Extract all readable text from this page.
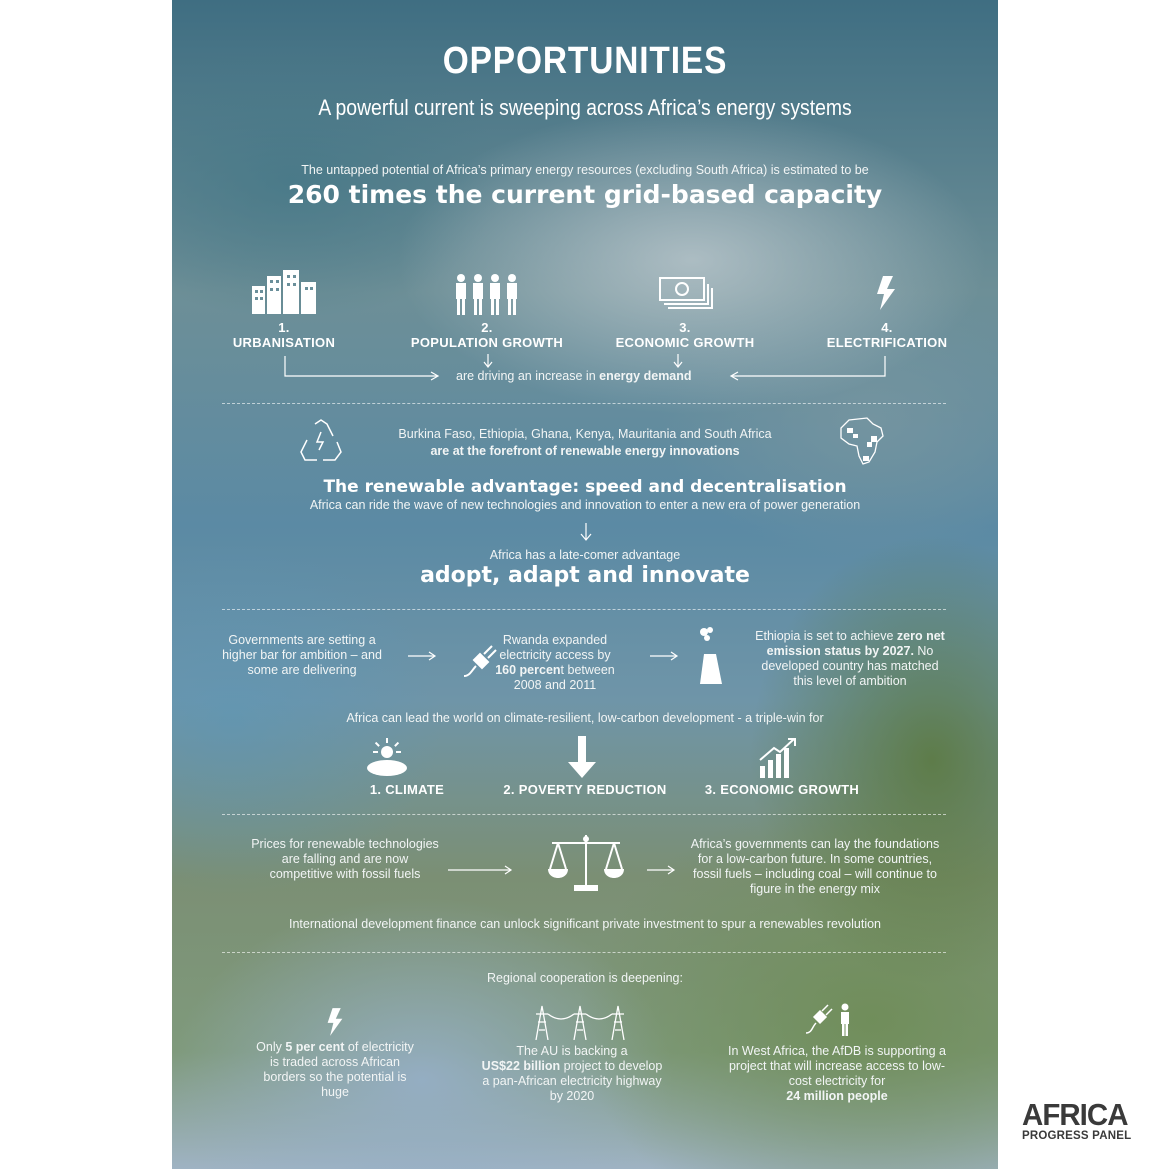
OPPORTUNITIES
A powerful current is sweeping across Africa’s energy systems
The untapped potential of Africa’s primary energy resources (excluding South Africa) is estimated to be
260 times the current grid-based capacity
1.
URBANISATION
2.
POPULATION GROWTH
3.
ECONOMIC GROWTH
4.
ELECTRIFICATION
are driving an increase in energy demand
Burkina Faso, Ethiopia, Ghana, Kenya, Mauritania and South Africa
are at the forefront of renewable energy innovations
The renewable advantage: speed and decentralisation
Africa can ride the wave of new technologies and innovation to enter a new era of power generation
Africa has a late-comer advantage
adopt, adapt and innovate
Governments are setting a higher bar for ambition – and some are delivering
Rwanda expanded electricity access by 160 percent between 2008 and 2011
Ethiopia is set to achieve zero net emission status by 2027. No developed country has matched this level of ambition
Africa can lead the world on climate-resilient, low-carbon development - a triple-win for
1. CLIMATE	2. POVERTY REDUCTION	3. ECONOMIC GROWTH
Prices for renewable technologies are falling and are now competitive with fossil fuels
Africa’s governments can lay the foundations for a low-carbon future. In some countries, fossil fuels – including coal – will continue to figure in the energy mix
International development finance can unlock significant private investment to spur a renewables revolution
Regional cooperation is deepening:
Only 5 per cent of electricity is traded across African borders so the potential is huge
The AU is backing a
US$22 billion project to develop a pan-African electricity highway by 2020
In West Africa, the AfDB is supporting a project that will increase access to low-cost electricity for
24 million people
AFRICA
PROGRESS PANEL
